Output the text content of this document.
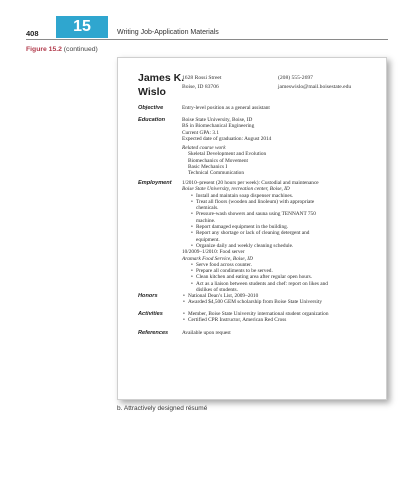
408	15	Writing Job-Application Materials
Figure 15.2 (continued)
James K.
Wislo
1628 Rossi Street
Boise, ID 83706
(208) 555-2697
jameswislo@mail.boisestate.edu
Objective	Entry-level position as a general assistant
Education	Boise State University, Boise, ID
BS in Biomechanical Engineering
Current GPA: 3.1
Expected date of graduation: August 2014
Related course work
Skeletal Development and Evolution
Biomechanics of Movement
Basic Mechanics I
Technical Communication
Employment	1/2010–present (20 hours per week): Custodial and maintenance
Boise State University, recreation center, Boise, ID
• Install and maintain soap dispenser machines.
• Treat all floors (wooden and linoleum) with appropriate
chemicals.
• Pressure-wash showers and sauna using TENNANT 750
machine.
• Report damaged equipment in the building.
• Report any shortage or lack of cleaning detergent and
equipment.
• Organize daily and weekly cleaning schedule.
10/2009–1/2010: Food server
Aramark Food Service, Boise, ID
• Serve food across counter.
• Prepare all condiments to be served.
• Clean kitchen and eating area after regular open hours.
• Act as a liaison between students and chef: report on likes and
dislikes of students.
Honors	• National Dean’s List, 2009–2010
• Awarded $4,500 GEM scholarship from Boise State University
Activities	• Member, Boise State University international student organization
• Certified CPR Instructor, American Red Cross
References	Available upon request
b. Attractively designed résumé
